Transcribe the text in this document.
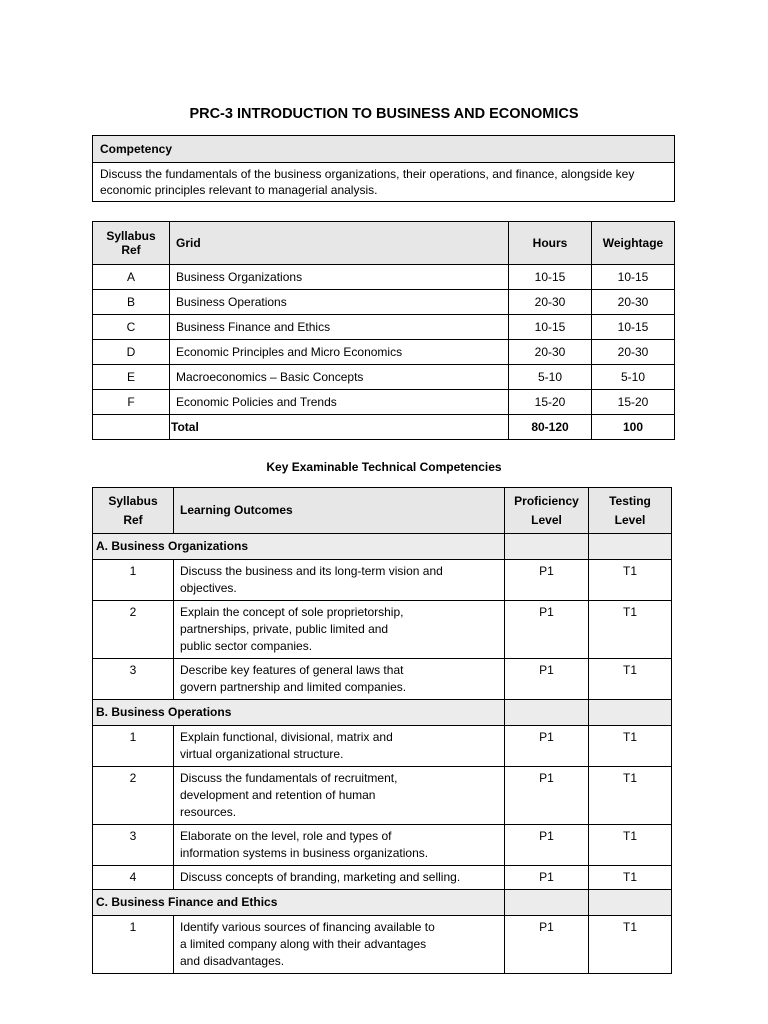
PRC-3 INTRODUCTION TO BUSINESS AND ECONOMICS
Competency
Discuss the fundamentals of the business organizations, their operations, and finance, alongside key economic principles relevant to managerial analysis.
Syllabus Ref	Grid	Hours	Weightage
A	Business Organizations	10-15	10-15
B	Business Operations	20-30	20-30
C	Business Finance and Ethics	10-15	10-15
D	Economic Principles and Micro Economics	20-30	20-30
E	Macroeconomics – Basic Concepts	5-10	5-10
F	Economic Policies and Trends	15-20	15-20
	Total	80-120	100
Key Examinable Technical Competencies
Syllabus Ref	Learning Outcomes	Proficiency Level	Testing Level
A. Business Organizations			
1	Discuss the business and its long-term vision and
objectives.	P1	T1
2	Explain the concept of sole proprietorship,
partnerships, private, public limited and
public sector companies.	P1	T1
3	Describe key features of general laws that
govern partnership and limited companies.	P1	T1
B. Business Operations			
1	Explain functional, divisional, matrix and
virtual organizational structure.	P1	T1
2	Discuss the fundamentals of recruitment,
development and retention of human
resources.	P1	T1
3	Elaborate on the level, role and types of
information systems in business organizations.	P1	T1
4	Discuss concepts of branding, marketing and selling.	P1	T1
C. Business Finance and Ethics			
1	Identify various sources of financing available to
a limited company along with their advantages
and disadvantages.	P1	T1
